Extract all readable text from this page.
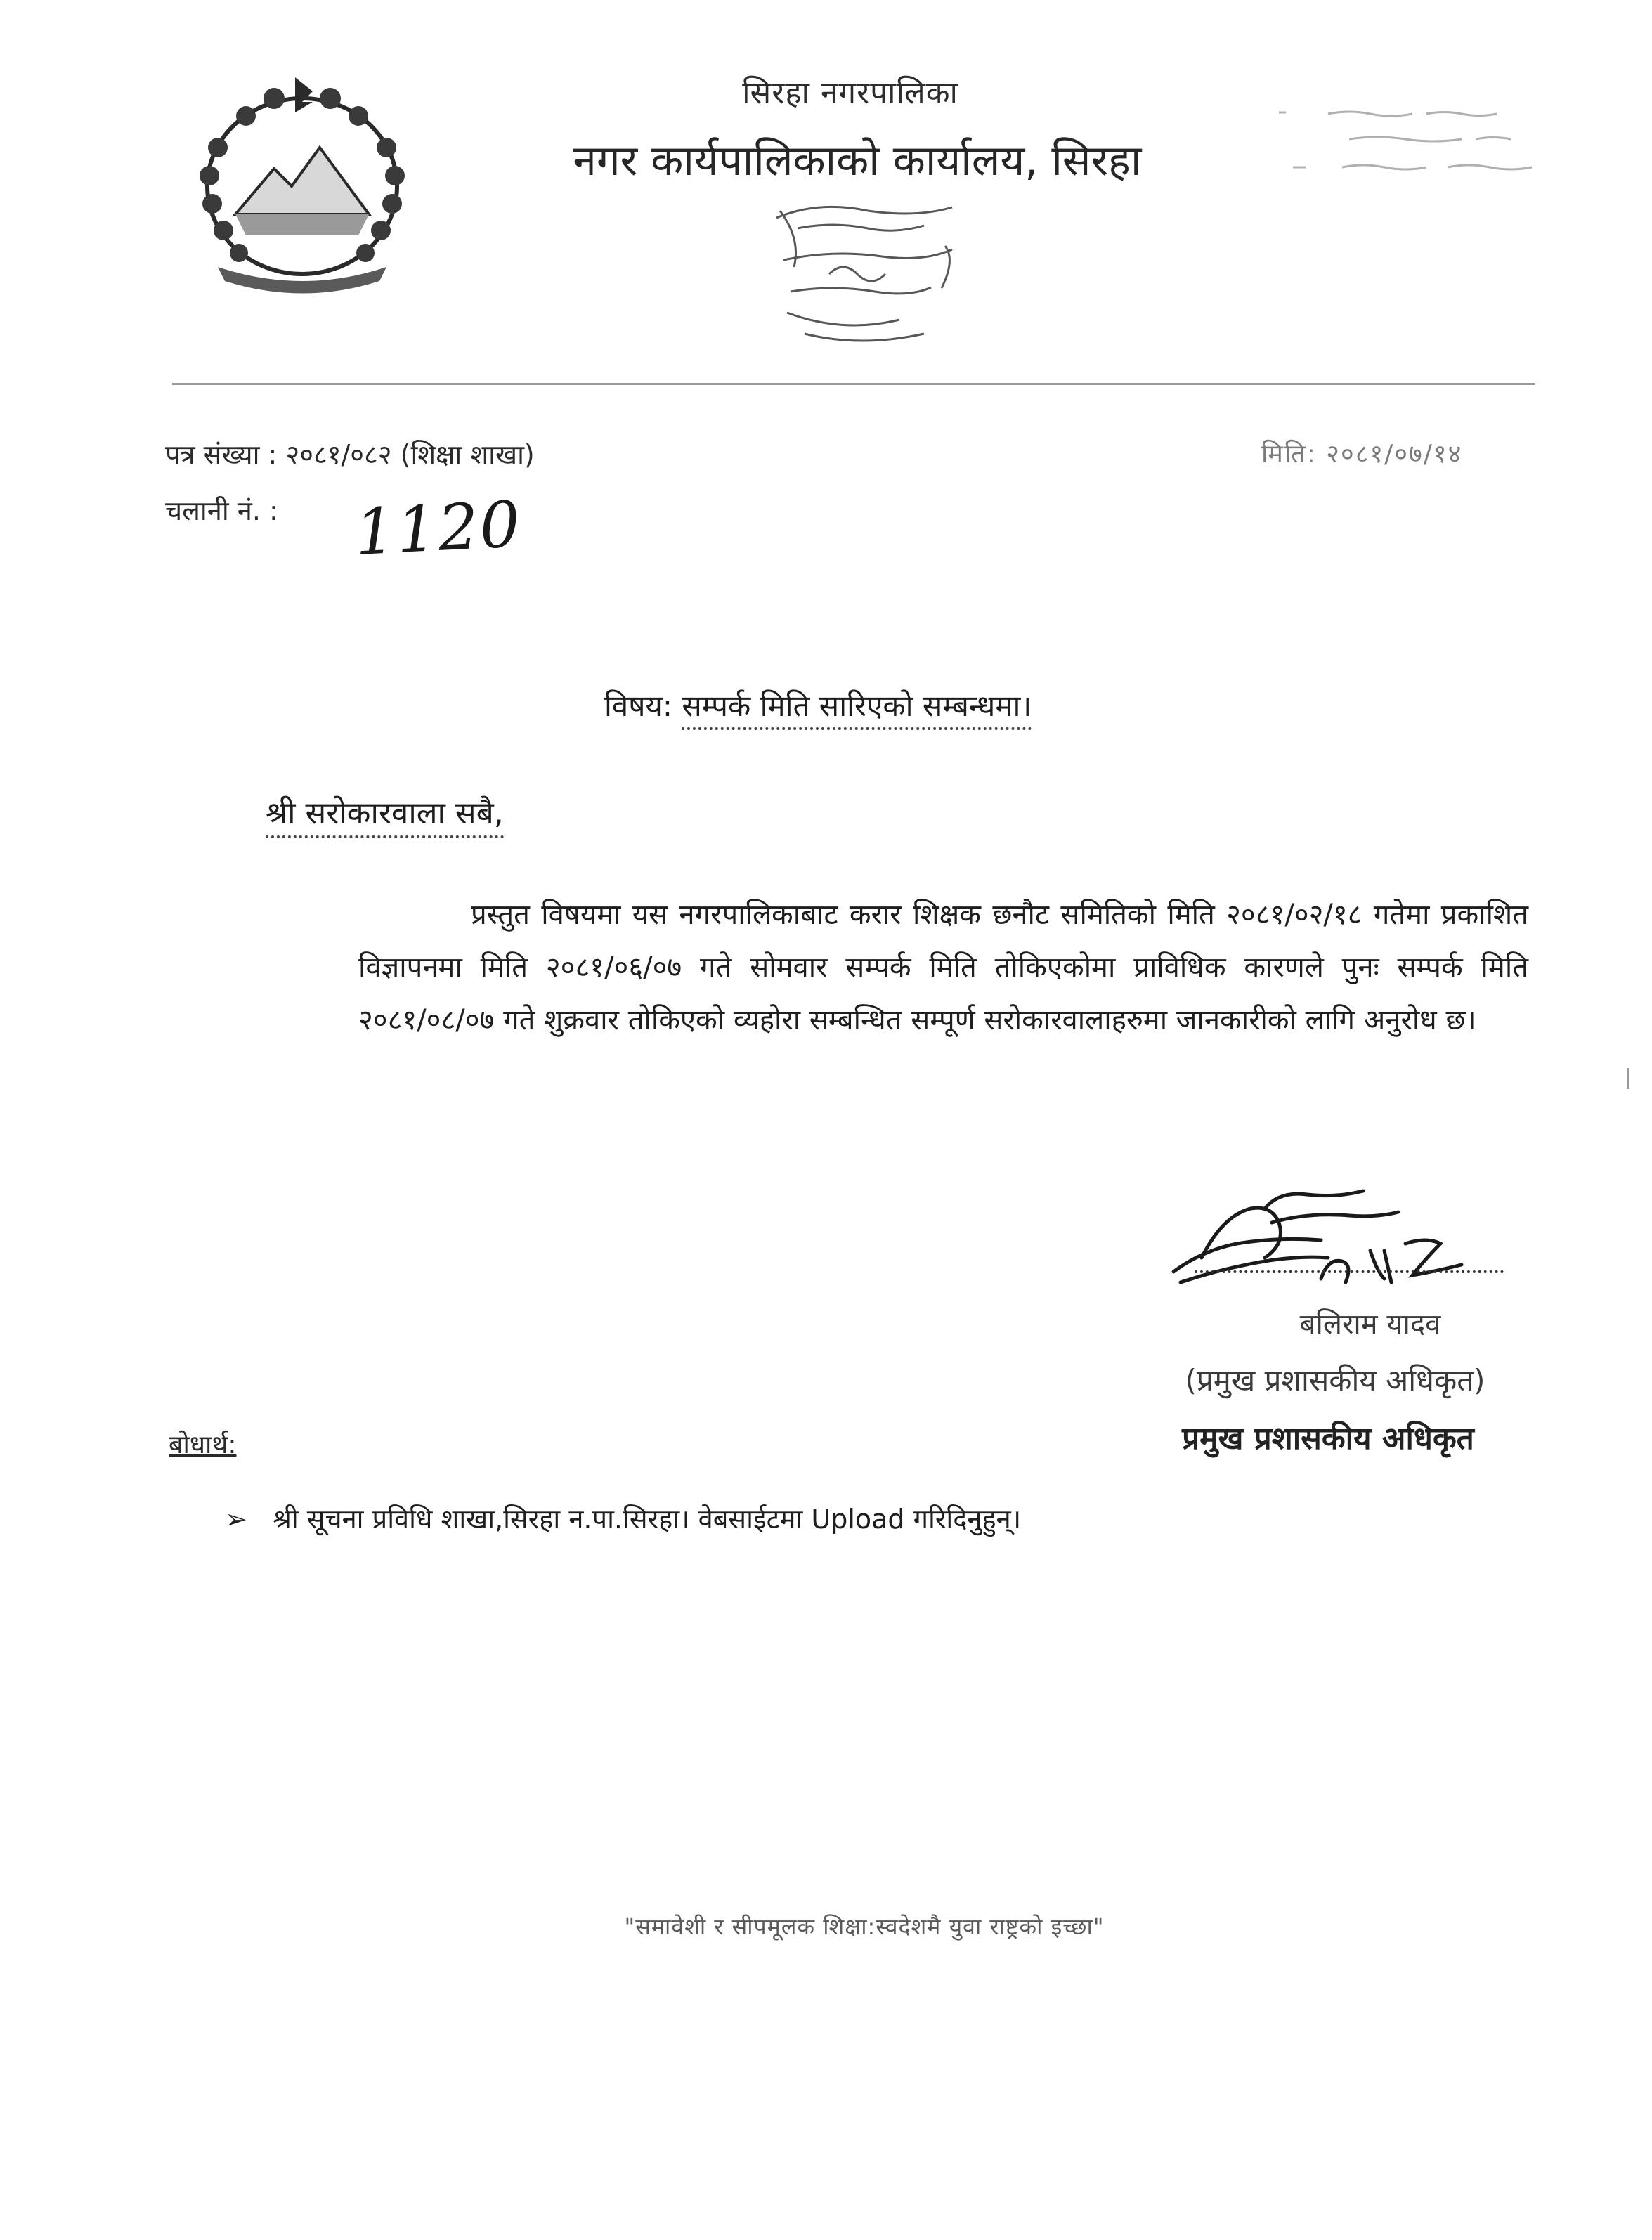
सिरहा नगरपालिका
नगर कार्यपालिकाको कार्यालय, सिरहा
पत्र संख्या : २०८१/०८२ (शिक्षा शाखा)	मिति: २०८१/०७/१४
चलानी नं. : 1120
विषय: सम्पर्क मिति सारिएको सम्बन्धमा।
श्री सरोकारवाला सबै,

प्रस्तुत विषयमा यस नगरपालिकाबाट करार शिक्षक छनौट समितिको मिति २०८१/०२/१८ गतेमा प्रकाशित विज्ञापनमा मिति २०८१/०६/०७ गते सोमवार सम्पर्क मिति तोकिएकोमा प्राविधिक कारणले पुनः सम्पर्क मिति २०८१/०८/०७ गते शुक्रवार तोकिएको व्यहोरा सम्बन्धित सम्पूर्ण सरोकारवालाहरुमा जानकारीको लागि अनुरोध छ।

बलिराम यादव
(प्रमुख प्रशासकीय अधिकृत)
प्रमुख प्रशासकीय अधिकृत
बोधार्थ:
➢ श्री सूचना प्रविधि शाखा,सिरहा न.पा.सिरहा। वेबसाईटमा Upload गरिदिनुहुन्।
"समावेशी र सीपमूलक शिक्षा:स्वदेशमै युवा राष्ट्रको इच्छा"
